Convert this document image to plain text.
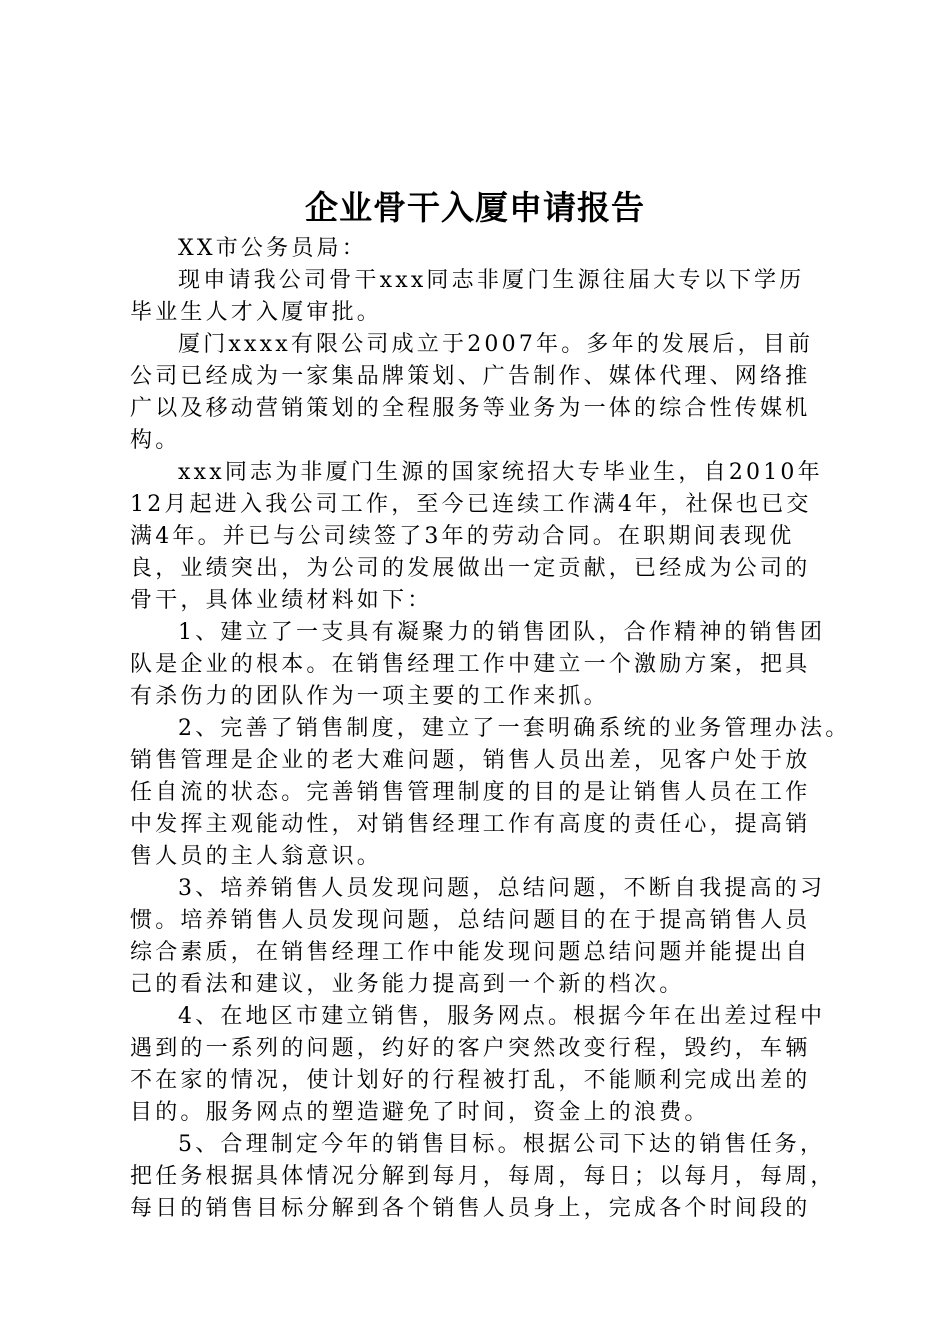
企业骨干入厦申请报告
XX市公务员局：
现申请我公司骨干xxx同志非厦门生源往届大专以下学历
毕业生人才入厦审批。
厦门xxxx有限公司成立于2007年。多年的发展后，目前
公司已经成为一家集品牌策划、广告制作、媒体代理、网络推
广以及移动营销策划的全程服务等业务为一体的综合性传媒机
构。
xxx同志为非厦门生源的国家统招大专毕业生，自2010年
12月起进入我公司工作，至今已连续工作满4年，社保也已交
满4年。并已与公司续签了3年的劳动合同。在职期间表现优
良，业绩突出，为公司的发展做出一定贡献，已经成为公司的
骨干，具体业绩材料如下：
1、建立了一支具有凝聚力的销售团队，合作精神的销售团
队是企业的根本。在销售经理工作中建立一个激励方案，把具
有杀伤力的团队作为一项主要的工作来抓。
2、完善了销售制度，建立了一套明确系统的业务管理办法。
销售管理是企业的老大难问题，销售人员出差，见客户处于放
任自流的状态。完善销售管理制度的目的是让销售人员在工作
中发挥主观能动性，对销售经理工作有高度的责任心，提高销
售人员的主人翁意识。
3、培养销售人员发现问题，总结问题，不断自我提高的习
惯。培养销售人员发现问题，总结问题目的在于提高销售人员
综合素质，在销售经理工作中能发现问题总结问题并能提出自
己的看法和建议，业务能力提高到一个新的档次。
4、在地区市建立销售，服务网点。根据今年在出差过程中
遇到的一系列的问题，约好的客户突然改变行程，毁约，车辆
不在家的情况，使计划好的行程被打乱，不能顺利完成出差的
目的。服务网点的塑造避免了时间，资金上的浪费。
5、合理制定今年的销售目标。根据公司下达的销售任务，
把任务根据具体情况分解到每月，每周，每日；以每月，每周，
每日的销售目标分解到各个销售人员身上，完成各个时间段的
